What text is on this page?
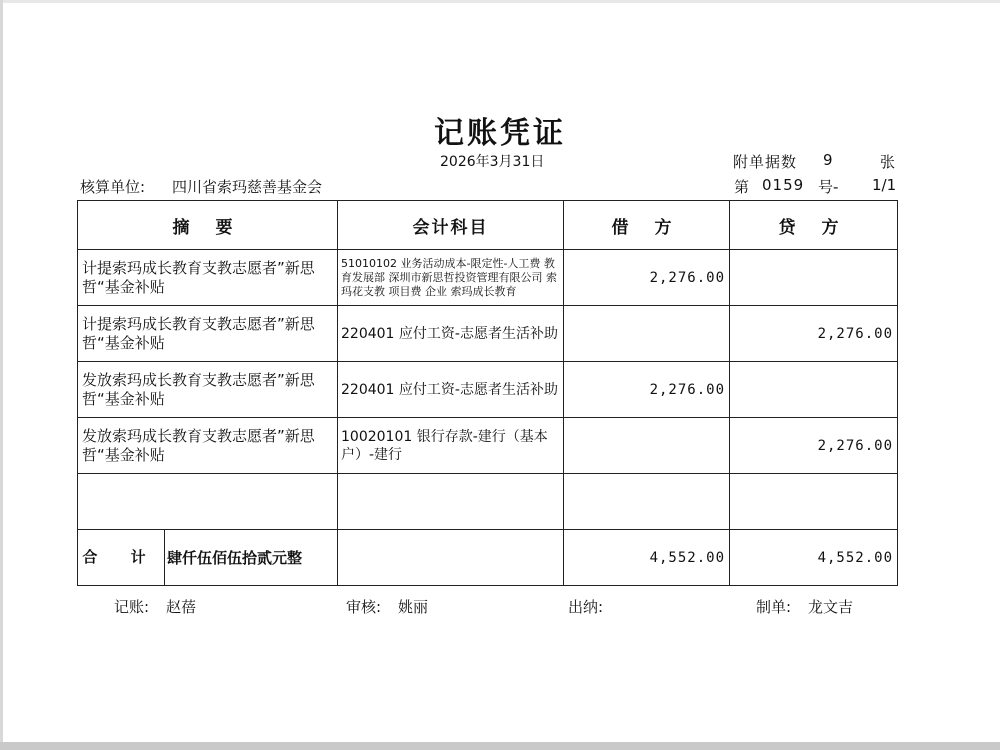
记账凭证
2026年3月31日	附单据数 9	张
核算单位: 四川省索玛慈善基金会	第 0159 号- 1/1
摘 要	会计科目	借 方	贷 方
计提索玛成长教育支教志愿者”新思哲“基金补贴	51010102 业务活动成本-限定性-人工费 教育发展部 深圳市新思哲投资管理有限公司 索玛花支教 项目费 企业 索玛成长教育	2,276.00	
计提索玛成长教育支教志愿者”新思哲“基金补贴	220401 应付工资-志愿者生活补助		2,276.00
发放索玛成长教育支教志愿者”新思哲“基金补贴	220401 应付工资-志愿者生活补助	2,276.00	
发放索玛成长教育支教志愿者”新思哲“基金补贴	10020101 银行存款-建行（基本户）-建行		2,276.00

合 计 肆仟伍佰伍拾贰元整		4,552.00	4,552.00
记账: 赵蓓	审核: 姚丽	出纳:	制单: 龙文吉
